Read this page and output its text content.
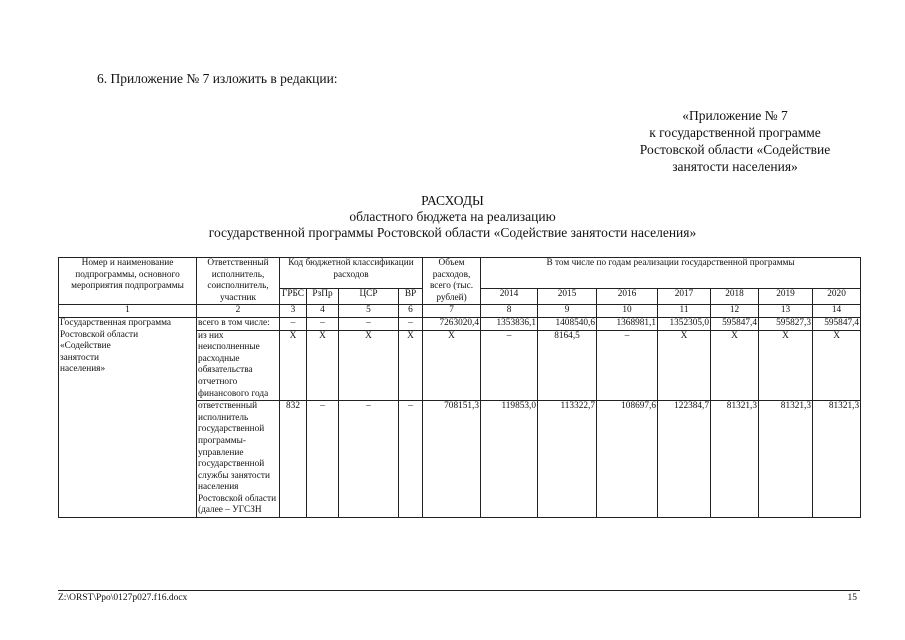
6. Приложение № 7 изложить в редакции:
«Приложение № 7
к государственной программе
Ростовской области «Содействие
занятости населения»
РАСХОДЫ
областного бюджета на реализацию
государственной программы Ростовской области «Содействие занятости населения»
Номер и наименование подпрограммы, основного мероприятия подпрограммы	Ответственный исполнитель, соисполнитель, участник	Код бюджетной классификации расходов				Объем расходов, всего (тыс. рублей)	В том числе по годам реализации государственной программы						
		ГРБС	РзПр	ЦСР	ВР		2014	2015	2016	2017	2018	2019	2020
1	2	3	4	5	6	7	8	9	10	11	12	13	14

Государственная программа
Ростовской области
«Содействие
занятости
населения»	всего в том числе:	–	–	–	–	7263020,4	1353836,1	1408540,6	1368981,1	1352305,0	595847,4	595827,3	595847,4
	из них неисполненные расходные обязательства отчетного финансового года	X	X	X	X	X	–	8164,5	–	X	X	X	X
	ответственный исполнитель государственной программы-управление государственной службы занятости населения Ростовской области (далее – УГСЗН	832	–	–	–	708151,3	119853,0	113322,7	108697,6	122384,7	81321,3	81321,3	81321,3
Z:\ORST\Ppo\0127p027.f16.docx	15
